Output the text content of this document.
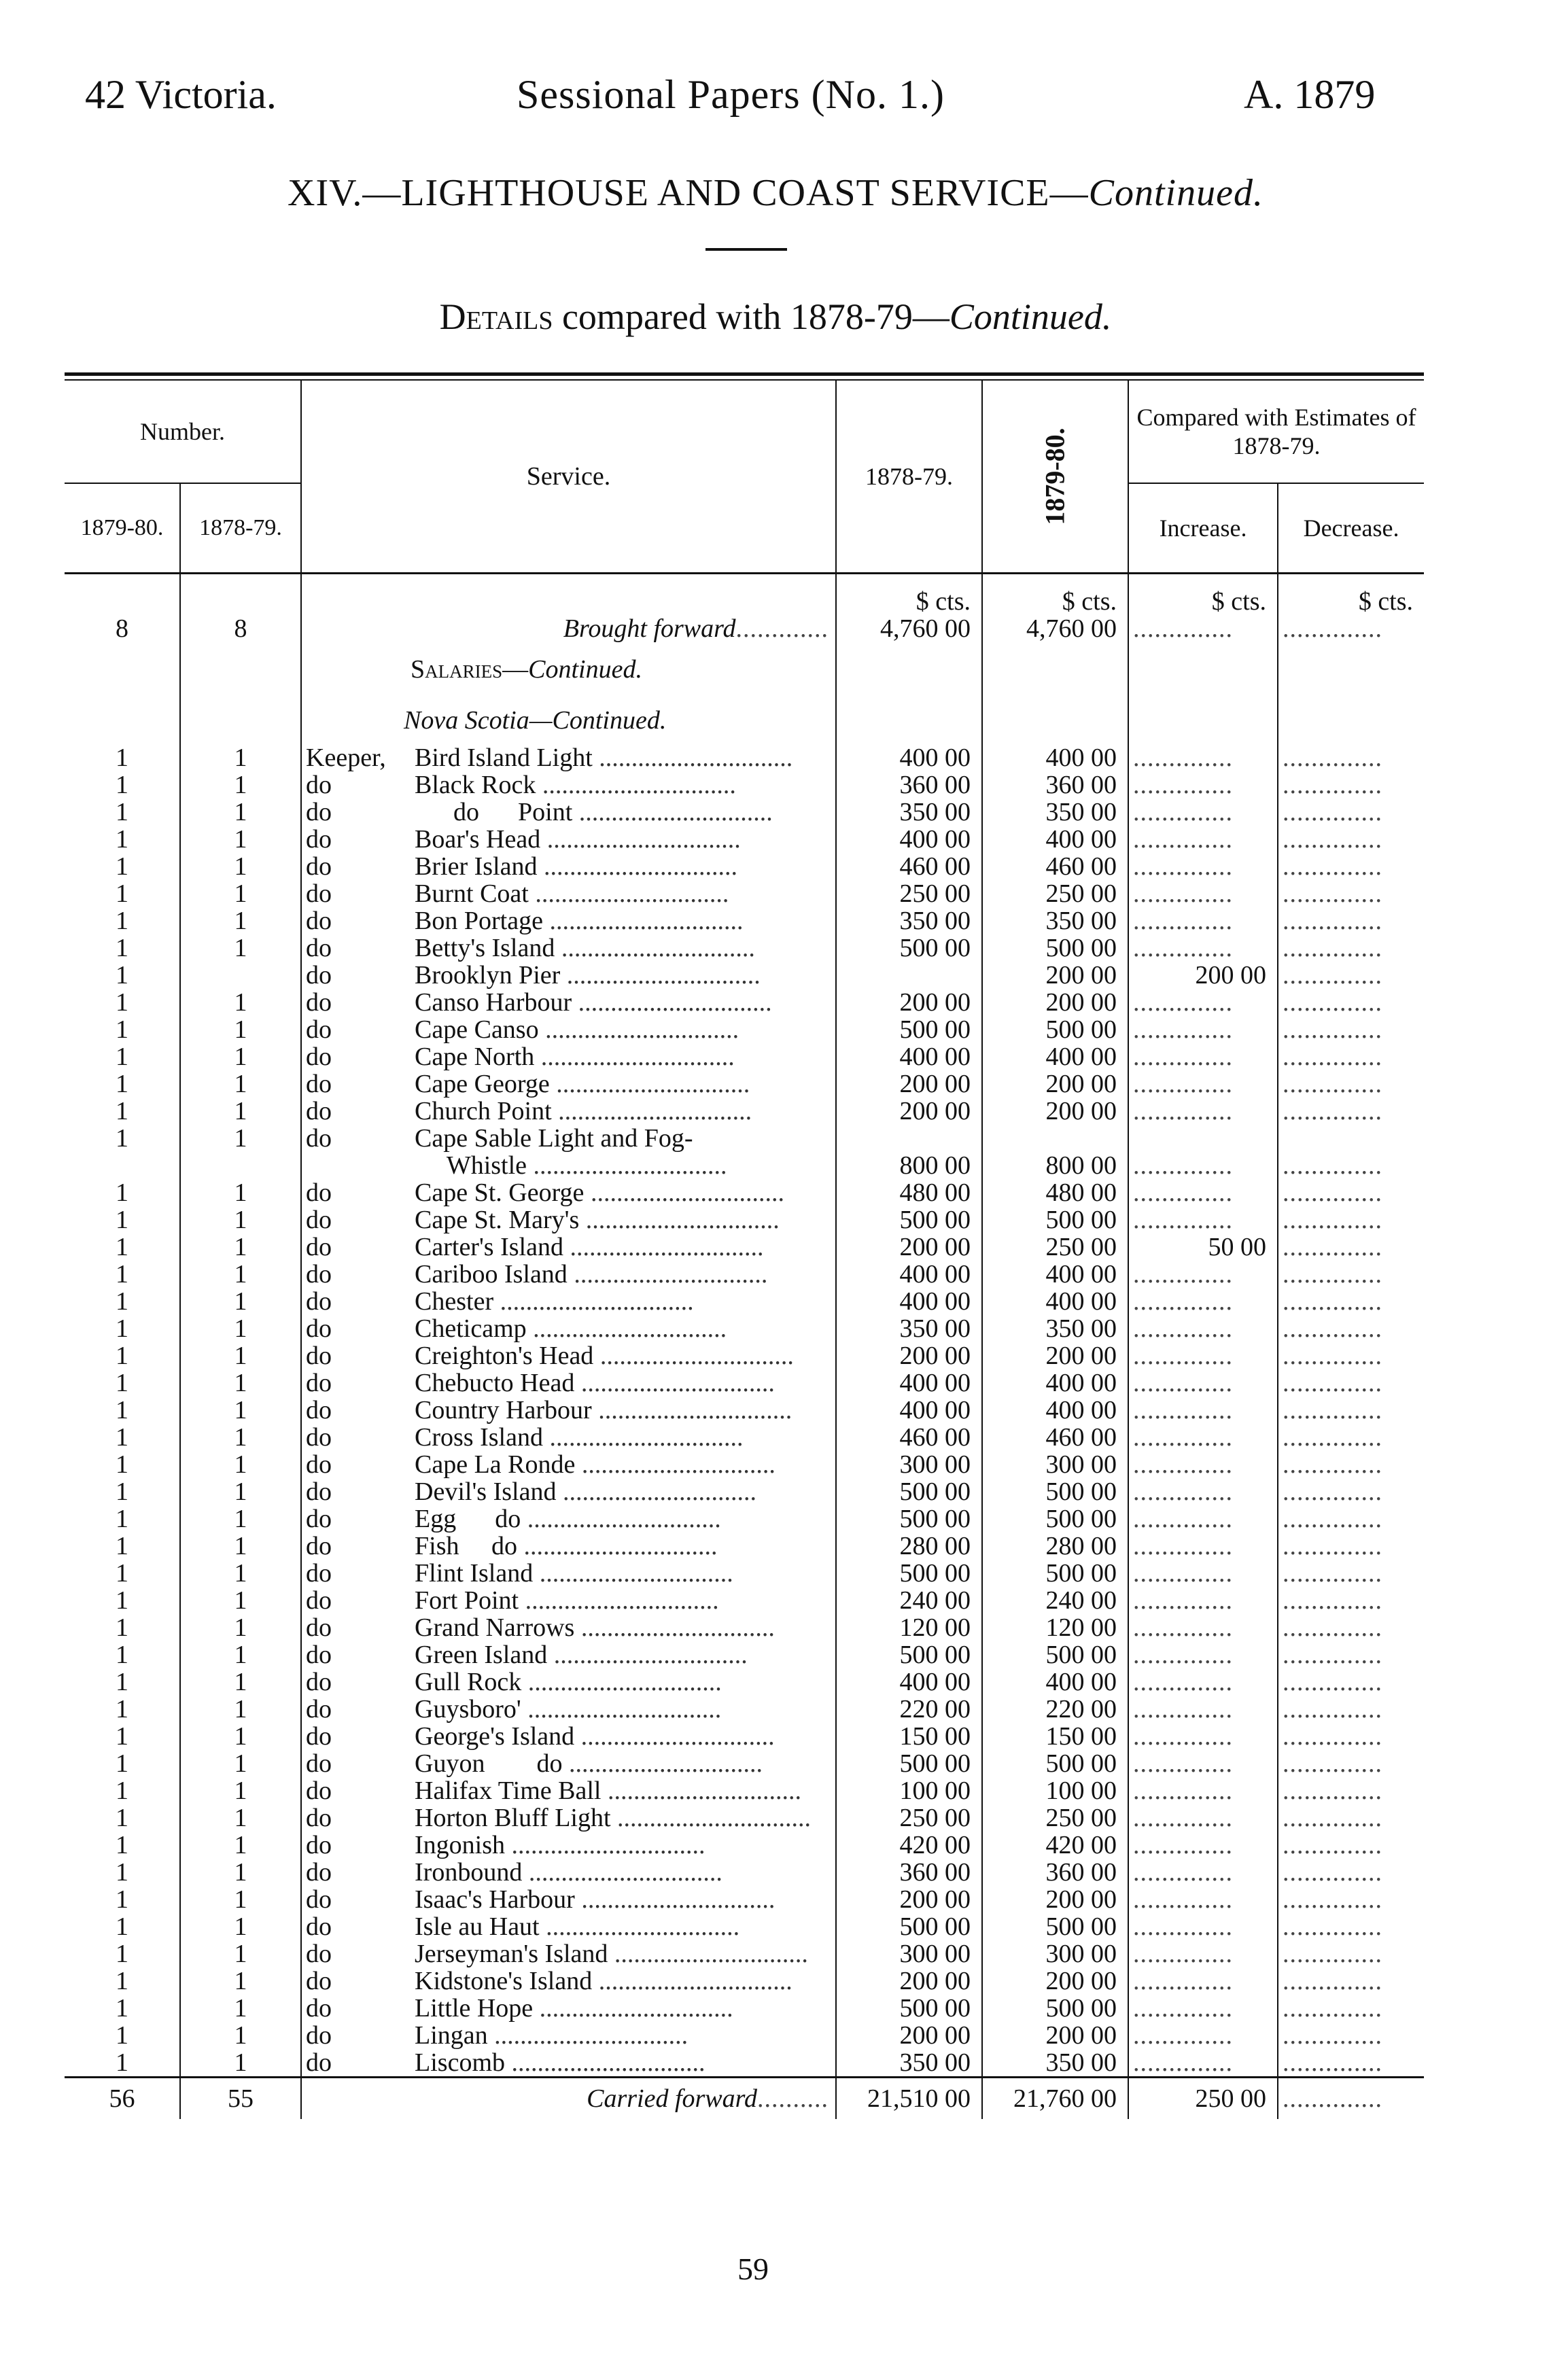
42 Victoria.	Sessional Papers (No. 1.)	A. 1879
XIV.—LIGHTHOUSE AND COAST SERVICE—Continued.
Details compared with 1878-79—Continued.
Number.		Service.	1878-79.	1879-80.	Compared with Estimates of 1878-79.	
1879-80.	1878-79.				Increase.	Decrease.
			$ cts.	$ cts.	$ cts.	$ cts.
8	8	Brought forward.............	4,760 00	4,760 00	..............	..............
		Salaries—Continued.				
		Nova Scotia—Continued.				
1	1	Keeper, Bird Island Light ..............................	400 00	400 00	..............	..............
1	1	do Black Rock ..............................	360 00	360 00	..............	..............
1	1	do do      Point ..............................	350 00	350 00	..............	..............
1	1	do Boar's Head ..............................	400 00	400 00	..............	..............
1	1	do Brier Island ..............................	460 00	460 00	..............	..............
1	1	do Burnt Coat ..............................	250 00	250 00	..............	..............
1	1	do Bon Portage ..............................	350 00	350 00	..............	..............
1	1	do Betty's Island ..............................	500 00	500 00	..............	..............
1		do Brooklyn Pier ..............................		200 00	200 00	..............
1	1	do Canso Harbour ..............................	200 00	200 00	..............	..............
1	1	do Cape Canso ..............................	500 00	500 00	..............	..............
1	1	do Cape North ..............................	400 00	400 00	..............	..............
1	1	do Cape George ..............................	200 00	200 00	..............	..............
1	1	do Church Point ..............................	200 00	200 00	..............	..............
1	1	do Cape Sable Light and Fog-				
		Whistle ..............................	800 00	800 00	..............	..............
1	1	do Cape St. George ..............................	480 00	480 00	..............	..............
1	1	do Cape St. Mary's ..............................	500 00	500 00	..............	..............
1	1	do Carter's Island ..............................	200 00	250 00	50 00	..............
1	1	do Cariboo Island ..............................	400 00	400 00	..............	..............
1	1	do Chester ..............................	400 00	400 00	..............	..............
1	1	do Cheticamp ..............................	350 00	350 00	..............	..............
1	1	do Creighton's Head ..............................	200 00	200 00	..............	..............
1	1	do Chebucto Head ..............................	400 00	400 00	..............	..............
1	1	do Country Harbour ..............................	400 00	400 00	..............	..............
1	1	do Cross Island ..............................	460 00	460 00	..............	..............
1	1	do Cape La Ronde ..............................	300 00	300 00	..............	..............
1	1	do Devil's Island ..............................	500 00	500 00	..............	..............
1	1	do Egg      do ..............................	500 00	500 00	..............	..............
1	1	do Fish     do ..............................	280 00	280 00	..............	..............
1	1	do Flint Island ..............................	500 00	500 00	..............	..............
1	1	do Fort Point ..............................	240 00	240 00	..............	..............
1	1	do Grand Narrows ..............................	120 00	120 00	..............	..............
1	1	do Green Island ..............................	500 00	500 00	..............	..............
1	1	do Gull Rock ..............................	400 00	400 00	..............	..............
1	1	do Guysboro' ..............................	220 00	220 00	..............	..............
1	1	do George's Island ..............................	150 00	150 00	..............	..............
1	1	do Guyon        do ..............................	500 00	500 00	..............	..............
1	1	do Halifax Time Ball ..............................	100 00	100 00	..............	..............
1	1	do Horton Bluff Light ..............................	250 00	250 00	..............	..............
1	1	do Ingonish ..............................	420 00	420 00	..............	..............
1	1	do Ironbound ..............................	360 00	360 00	..............	..............
1	1	do Isaac's Harbour ..............................	200 00	200 00	..............	..............
1	1	do Isle au Haut ..............................	500 00	500 00	..............	..............
1	1	do Jerseyman's Island ..............................	300 00	300 00	..............	..............
1	1	do Kidstone's Island ..............................	200 00	200 00	..............	..............
1	1	do Little Hope ..............................	500 00	500 00	..............	..............
1	1	do Lingan ..............................	200 00	200 00	..............	..............
1	1	do Liscomb ..............................	350 00	350 00	..............	..............
56	55	Carried forward..........	21,510 00	21,760 00	250 00	..............
59
